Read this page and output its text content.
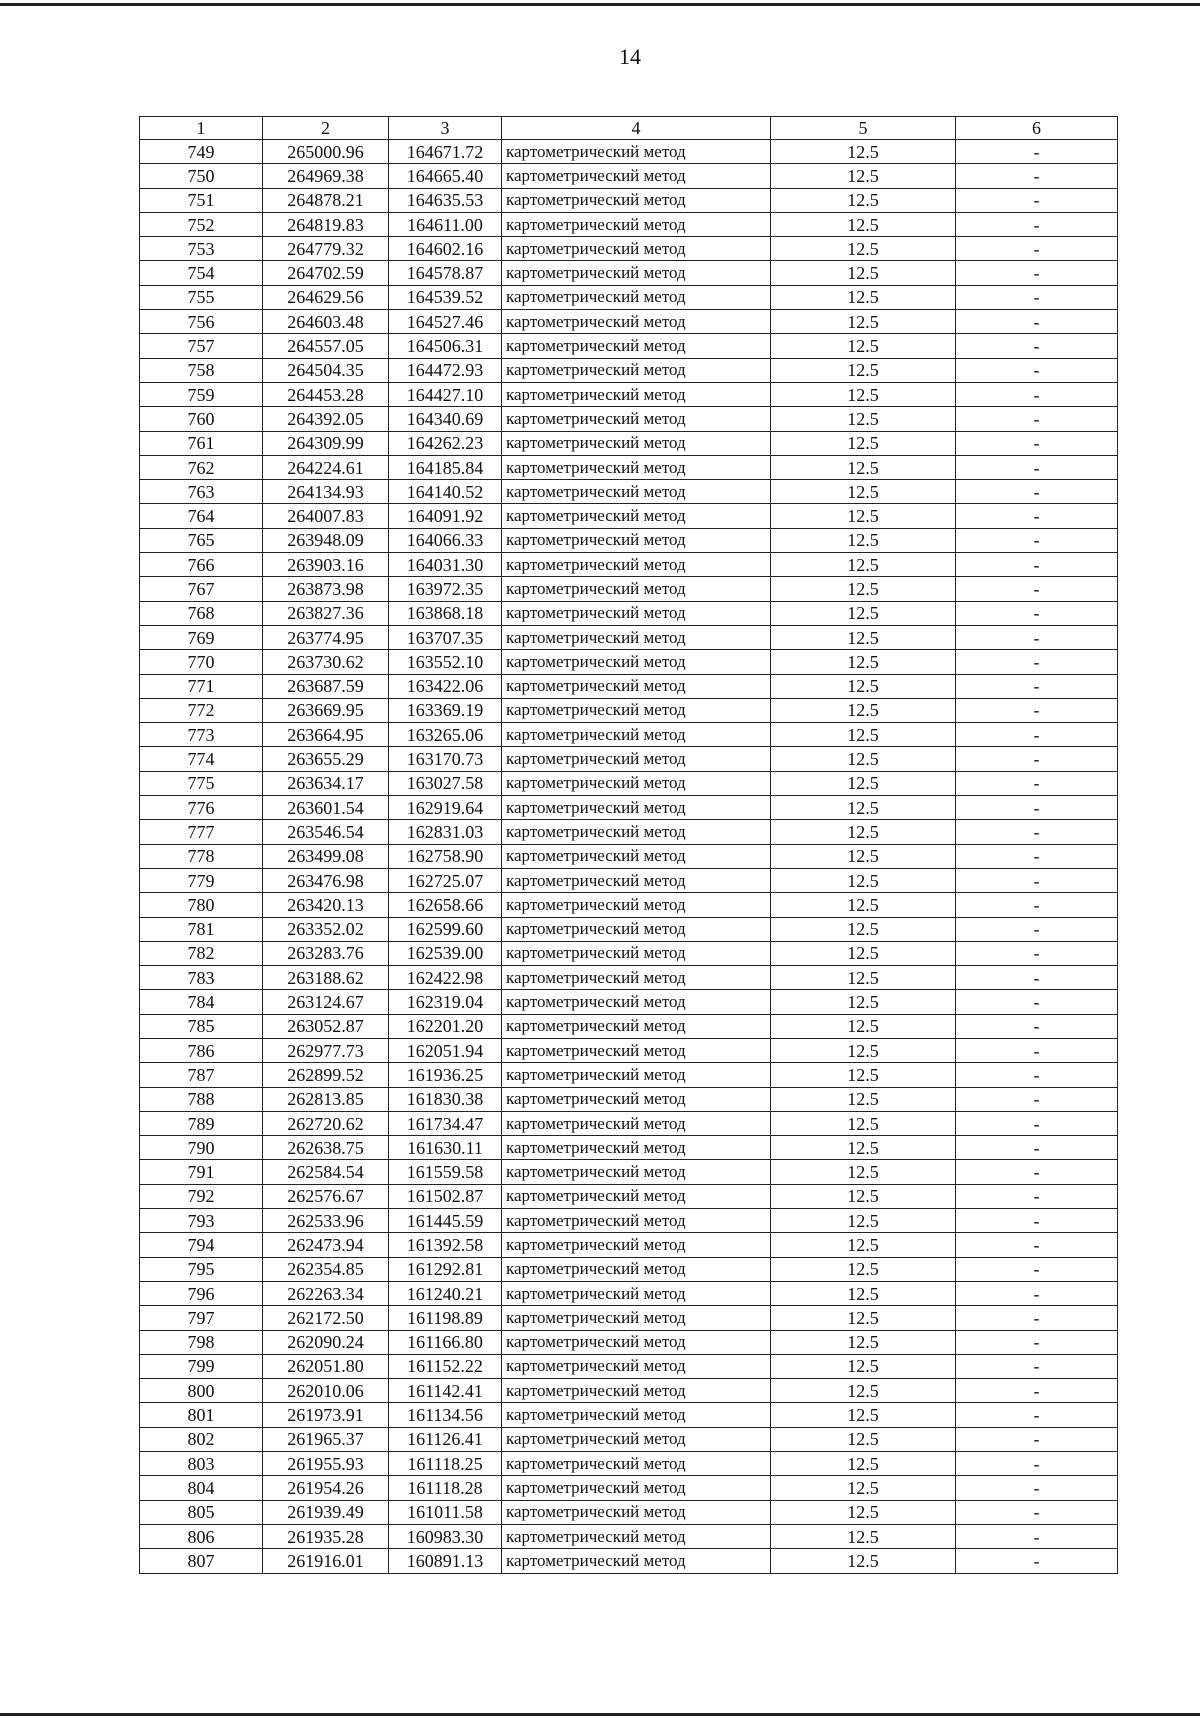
14
1	2	3	4	5	6
749	265000.96	164671.72	картометрический метод	12.5	-
750	264969.38	164665.40	картометрический метод	12.5	-
751	264878.21	164635.53	картометрический метод	12.5	-
752	264819.83	164611.00	картометрический метод	12.5	-
753	264779.32	164602.16	картометрический метод	12.5	-
754	264702.59	164578.87	картометрический метод	12.5	-
755	264629.56	164539.52	картометрический метод	12.5	-
756	264603.48	164527.46	картометрический метод	12.5	-
757	264557.05	164506.31	картометрический метод	12.5	-
758	264504.35	164472.93	картометрический метод	12.5	-
759	264453.28	164427.10	картометрический метод	12.5	-
760	264392.05	164340.69	картометрический метод	12.5	-
761	264309.99	164262.23	картометрический метод	12.5	-
762	264224.61	164185.84	картометрический метод	12.5	-
763	264134.93	164140.52	картометрический метод	12.5	-
764	264007.83	164091.92	картометрический метод	12.5	-
765	263948.09	164066.33	картометрический метод	12.5	-
766	263903.16	164031.30	картометрический метод	12.5	-
767	263873.98	163972.35	картометрический метод	12.5	-
768	263827.36	163868.18	картометрический метод	12.5	-
769	263774.95	163707.35	картометрический метод	12.5	-
770	263730.62	163552.10	картометрический метод	12.5	-
771	263687.59	163422.06	картометрический метод	12.5	-
772	263669.95	163369.19	картометрический метод	12.5	-
773	263664.95	163265.06	картометрический метод	12.5	-
774	263655.29	163170.73	картометрический метод	12.5	-
775	263634.17	163027.58	картометрический метод	12.5	-
776	263601.54	162919.64	картометрический метод	12.5	-
777	263546.54	162831.03	картометрический метод	12.5	-
778	263499.08	162758.90	картометрический метод	12.5	-
779	263476.98	162725.07	картометрический метод	12.5	-
780	263420.13	162658.66	картометрический метод	12.5	-
781	263352.02	162599.60	картометрический метод	12.5	-
782	263283.76	162539.00	картометрический метод	12.5	-
783	263188.62	162422.98	картометрический метод	12.5	-
784	263124.67	162319.04	картометрический метод	12.5	-
785	263052.87	162201.20	картометрический метод	12.5	-
786	262977.73	162051.94	картометрический метод	12.5	-
787	262899.52	161936.25	картометрический метод	12.5	-
788	262813.85	161830.38	картометрический метод	12.5	-
789	262720.62	161734.47	картометрический метод	12.5	-
790	262638.75	161630.11	картометрический метод	12.5	-
791	262584.54	161559.58	картометрический метод	12.5	-
792	262576.67	161502.87	картометрический метод	12.5	-
793	262533.96	161445.59	картометрический метод	12.5	-
794	262473.94	161392.58	картометрический метод	12.5	-
795	262354.85	161292.81	картометрический метод	12.5	-
796	262263.34	161240.21	картометрический метод	12.5	-
797	262172.50	161198.89	картометрический метод	12.5	-
798	262090.24	161166.80	картометрический метод	12.5	-
799	262051.80	161152.22	картометрический метод	12.5	-
800	262010.06	161142.41	картометрический метод	12.5	-
801	261973.91	161134.56	картометрический метод	12.5	-
802	261965.37	161126.41	картометрический метод	12.5	-
803	261955.93	161118.25	картометрический метод	12.5	-
804	261954.26	161118.28	картометрический метод	12.5	-
805	261939.49	161011.58	картометрический метод	12.5	-
806	261935.28	160983.30	картометрический метод	12.5	-
807	261916.01	160891.13	картометрический метод	12.5	-
